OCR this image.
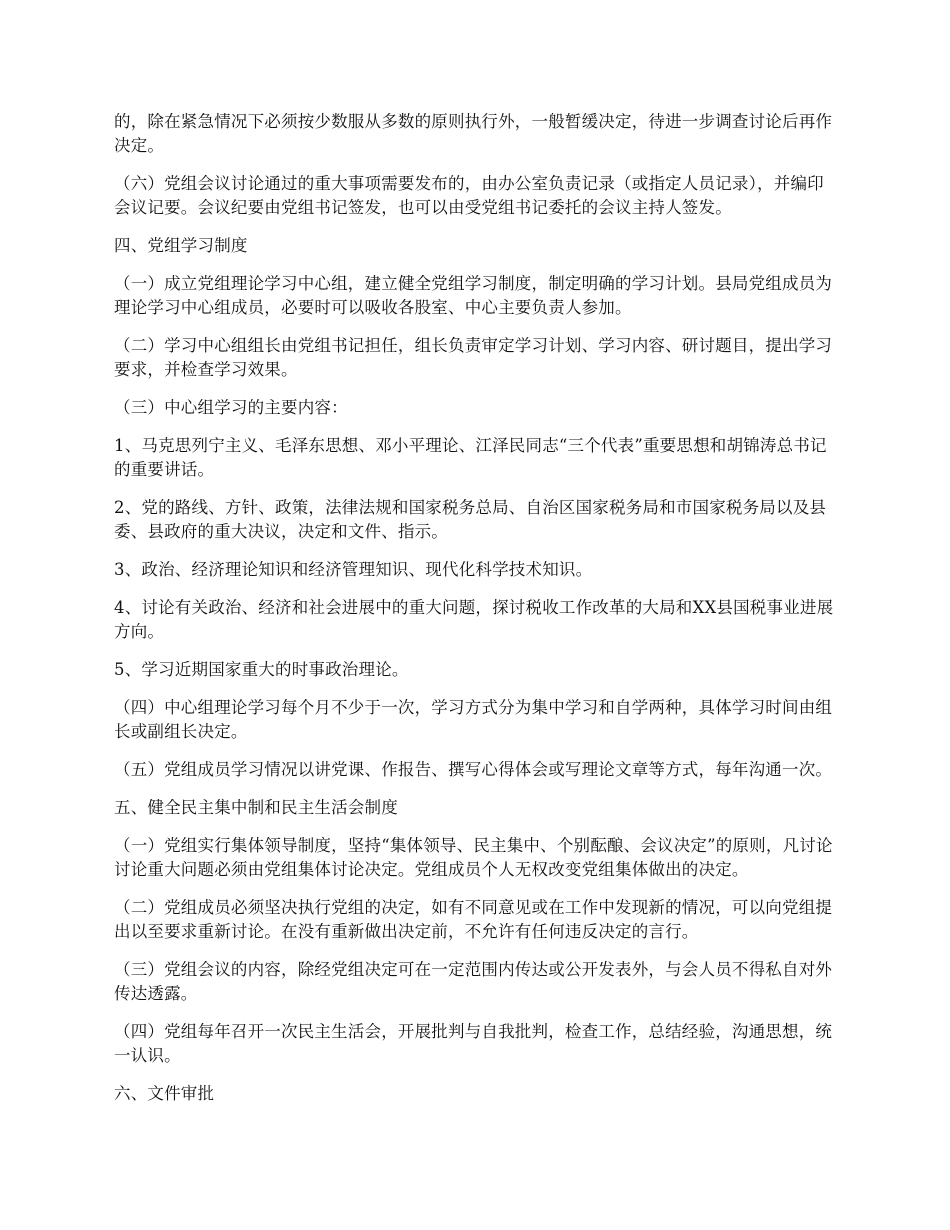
的，除在紧急情况下必须按少数服从多数的原则执行外，一般暂缓决定，待进一步调查讨论后再作决定。

（六）党组会议讨论通过的重大事项需要发布的，由办公室负责记录（或指定人员记录），并编印会议记要。会议纪要由党组书记签发，也可以由受党组书记委托的会议主持人签发。

四、党组学习制度

（一）成立党组理论学习中心组，建立健全党组学习制度，制定明确的学习计划。县局党组成员为理论学习中心组成员，必要时可以吸收各股室、中心主要负责人参加。

（二）学习中心组组长由党组书记担任，组长负责审定学习计划、学习内容、研讨题目，提出学习要求，并检查学习效果。

（三）中心组学习的主要内容：

1、马克思列宁主义、毛泽东思想、邓小平理论、江泽民同志“三个代表”重要思想和胡锦涛总书记的重要讲话。

2、党的路线、方针、政策，法律法规和国家税务总局、自治区国家税务局和市国家税务局以及县委、县政府的重大决议，决定和文件、指示。

3、政治、经济理论知识和经济管理知识、现代化科学技术知识。

4、讨论有关政治、经济和社会进展中的重大问题，探讨税收工作改革的大局和XX县国税事业进展方向。

5、学习近期国家重大的时事政治理论。

（四）中心组理论学习每个月不少于一次，学习方式分为集中学习和自学两种，具体学习时间由组长或副组长决定。

（五）党组成员学习情况以讲党课、作报告、撰写心得体会或写理论文章等方式，每年沟通一次。

五、健全民主集中制和民主生活会制度

（一）党组实行集体领导制度，坚持“集体领导、民主集中、个别酝酿、会议决定”的原则，凡讨论讨论重大问题必须由党组集体讨论决定。党组成员个人无权改变党组集体做出的决定。

（二）党组成员必须坚决执行党组的决定，如有不同意见或在工作中发现新的情况，可以向党组提出以至要求重新讨论。在没有重新做出决定前，不允许有任何违反决定的言行。

（三）党组会议的内容，除经党组决定可在一定范围内传达或公开发表外，与会人员不得私自对外传达透露。

（四）党组每年召开一次民主生活会，开展批判与自我批判，检查工作，总结经验，沟通思想，统一认识。

六、文件审批
